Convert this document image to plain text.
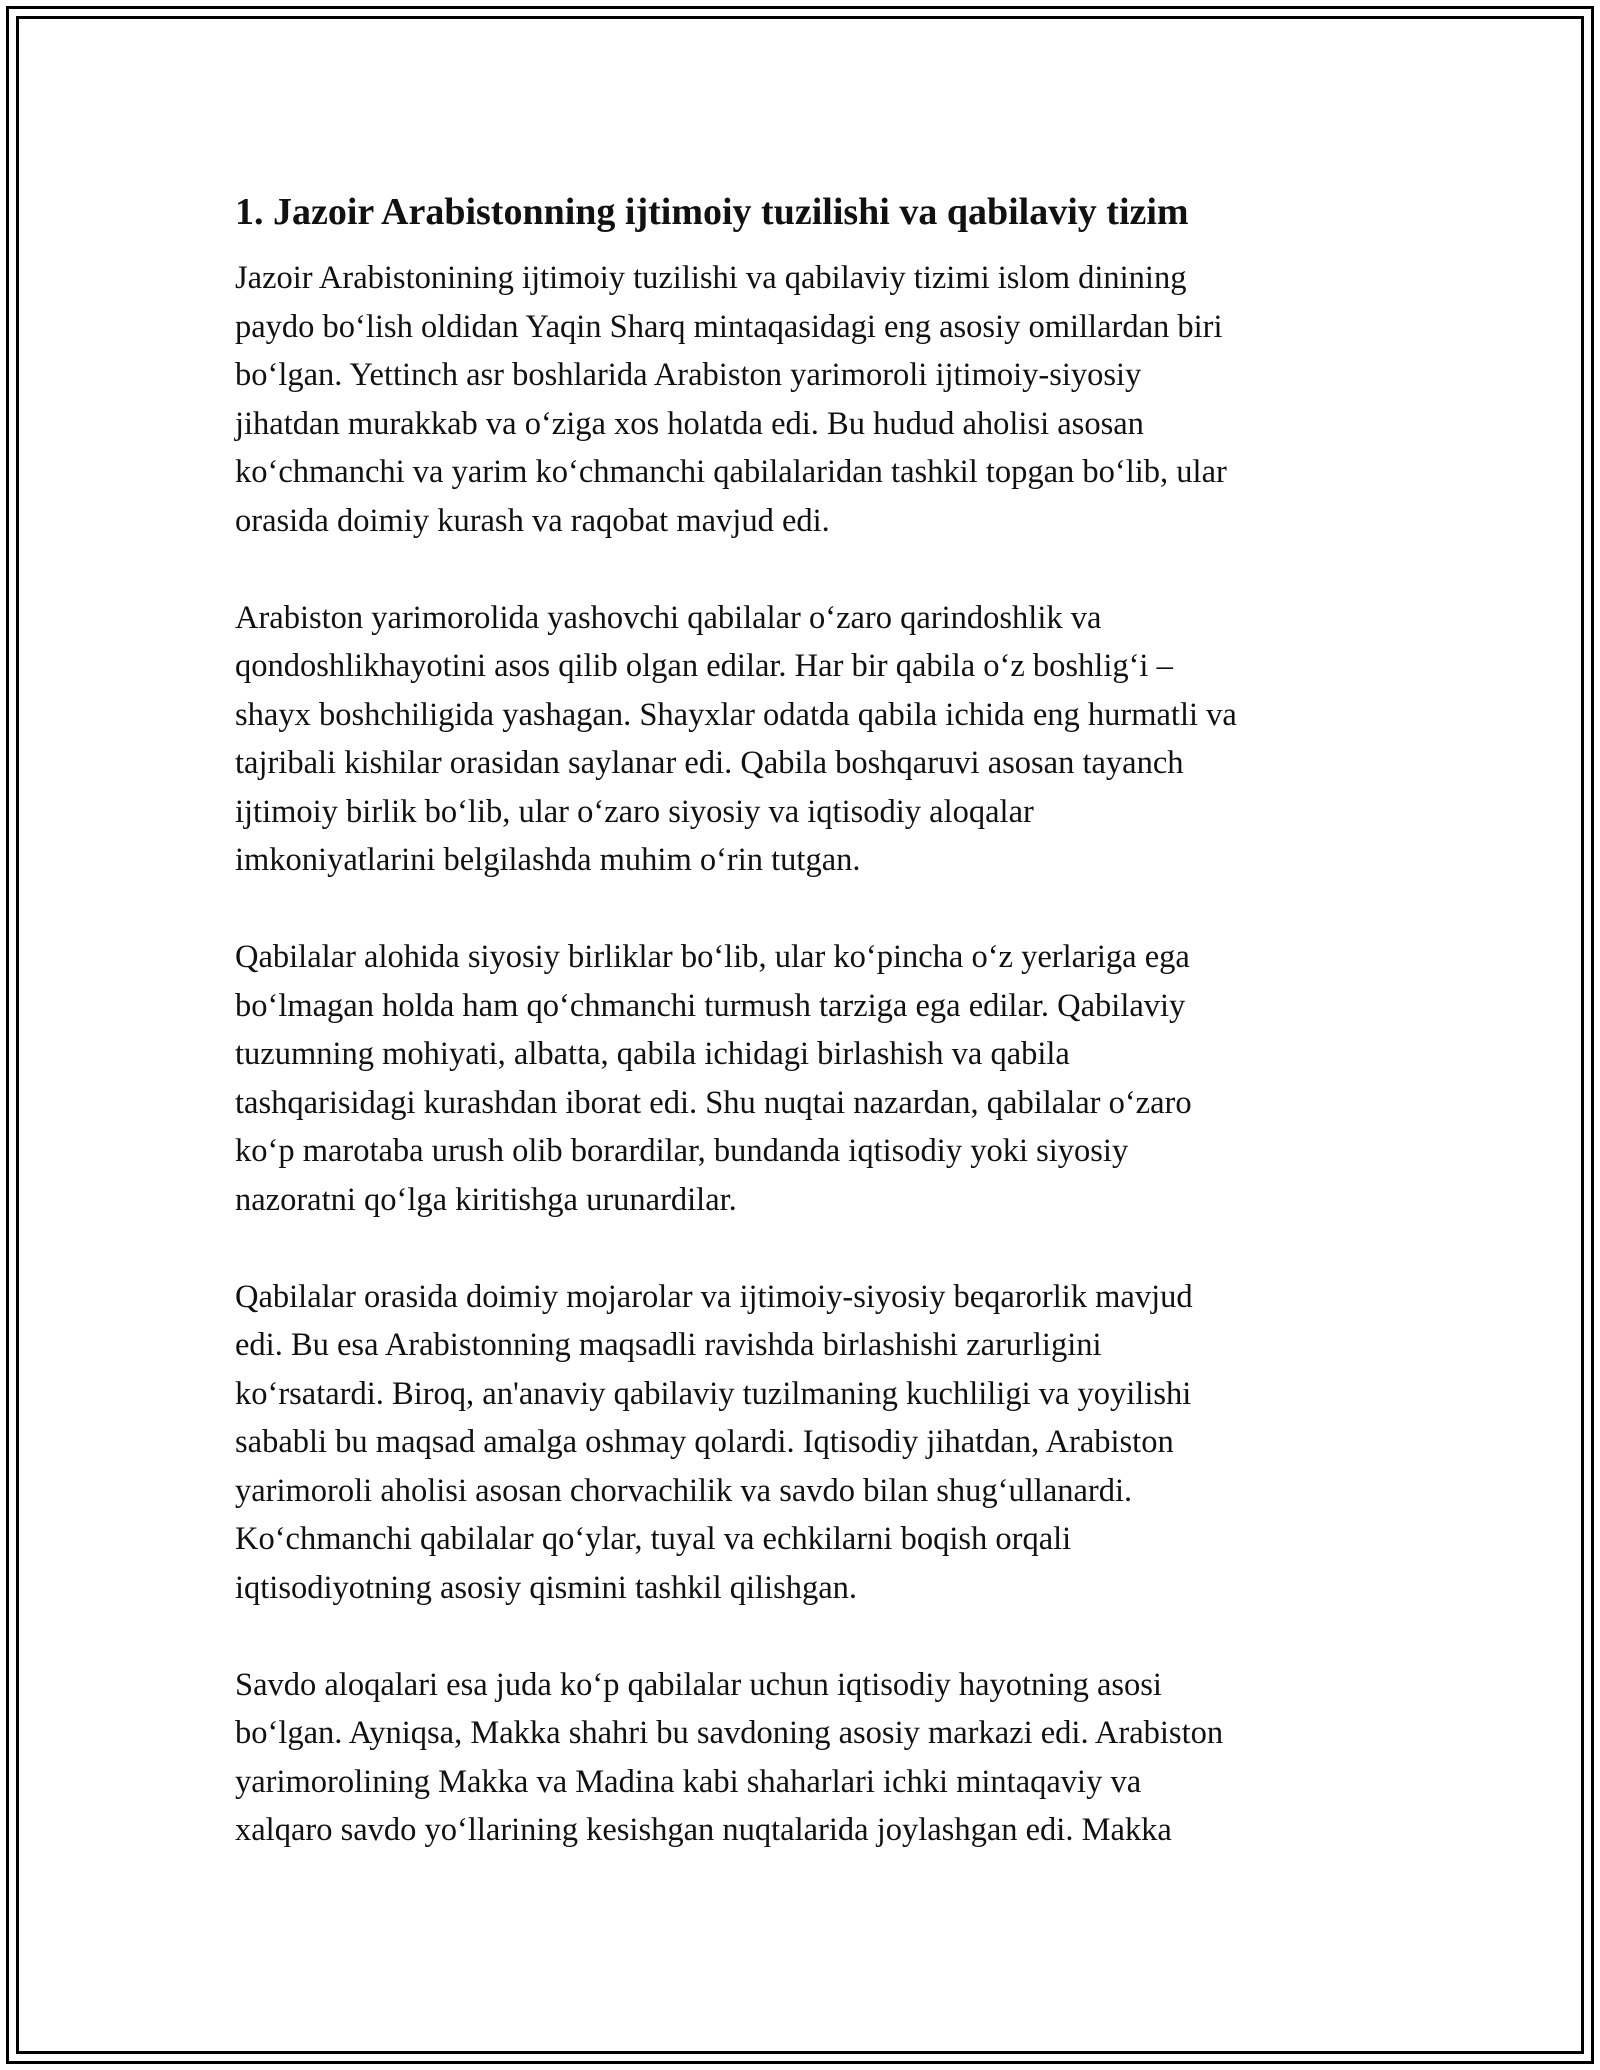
1. Jazoir Arabistonning ijtimoiy tuzilishi va qabilaviy tizim

Jazoir Arabistonining ijtimoiy tuzilishi va qabilaviy tizimi islom dinining
paydo bo‘lish oldidan Yaqin Sharq mintaqasidagi eng asosiy omillardan biri
bo‘lgan. Yettinch asr boshlarida Arabiston yarimoroli ijtimoiy-siyosiy
jihatdan murakkab va o‘ziga xos holatda edi. Bu hudud aholisi asosan
ko‘chmanchi va yarim ko‘chmanchi qabilalaridan tashkil topgan bo‘lib, ular
orasida doimiy kurash va raqobat mavjud edi.

Arabiston yarimorolida yashovchi qabilalar o‘zaro qarindoshlik va
qondoshlikhayotini asos qilib olgan edilar. Har bir qabila o‘z boshlig‘i –
shayx boshchiligida yashagan. Shayxlar odatda qabila ichida eng hurmatli va
tajribali kishilar orasidan saylanar edi. Qabila boshqaruvi asosan tayanch
ijtimoiy birlik bo‘lib, ular o‘zaro siyosiy va iqtisodiy aloqalar
imkoniyatlarini belgilashda muhim o‘rin tutgan.

Qabilalar alohida siyosiy birliklar bo‘lib, ular ko‘pincha o‘z yerlariga ega
bo‘lmagan holda ham qo‘chmanchi turmush tarziga ega edilar. Qabilaviy
tuzumning mohiyati, albatta, qabila ichidagi birlashish va qabila
tashqarisidagi kurashdan iborat edi. Shu nuqtai nazardan, qabilalar o‘zaro
ko‘p marotaba urush olib borardilar, bundanda iqtisodiy yoki siyosiy
nazoratni qo‘lga kiritishga urunardilar.

Qabilalar orasida doimiy mojarolar va ijtimoiy-siyosiy beqarorlik mavjud
edi. Bu esa Arabistonning maqsadli ravishda birlashishi zarurligini
ko‘rsatardi. Biroq, an'anaviy qabilaviy tuzilmaning kuchliligi va yoyilishi
sababli bu maqsad amalga oshmay qolardi. Iqtisodiy jihatdan, Arabiston
yarimoroli aholisi asosan chorvachilik va savdo bilan shug‘ullanardi.
Ko‘chmanchi qabilalar qo‘ylar, tuyal va echkilarni boqish orqali
iqtisodiyotning asosiy qismini tashkil qilishgan.

Savdo aloqalari esa juda ko‘p qabilalar uchun iqtisodiy hayotning asosi
bo‘lgan. Ayniqsa, Makka shahri bu savdoning asosiy markazi edi. Arabiston
yarimorolining Makka va Madina kabi shaharlari ichki mintaqaviy va
xalqaro savdo yo‘llarining kesishgan nuqtalarida joylashgan edi. Makka
